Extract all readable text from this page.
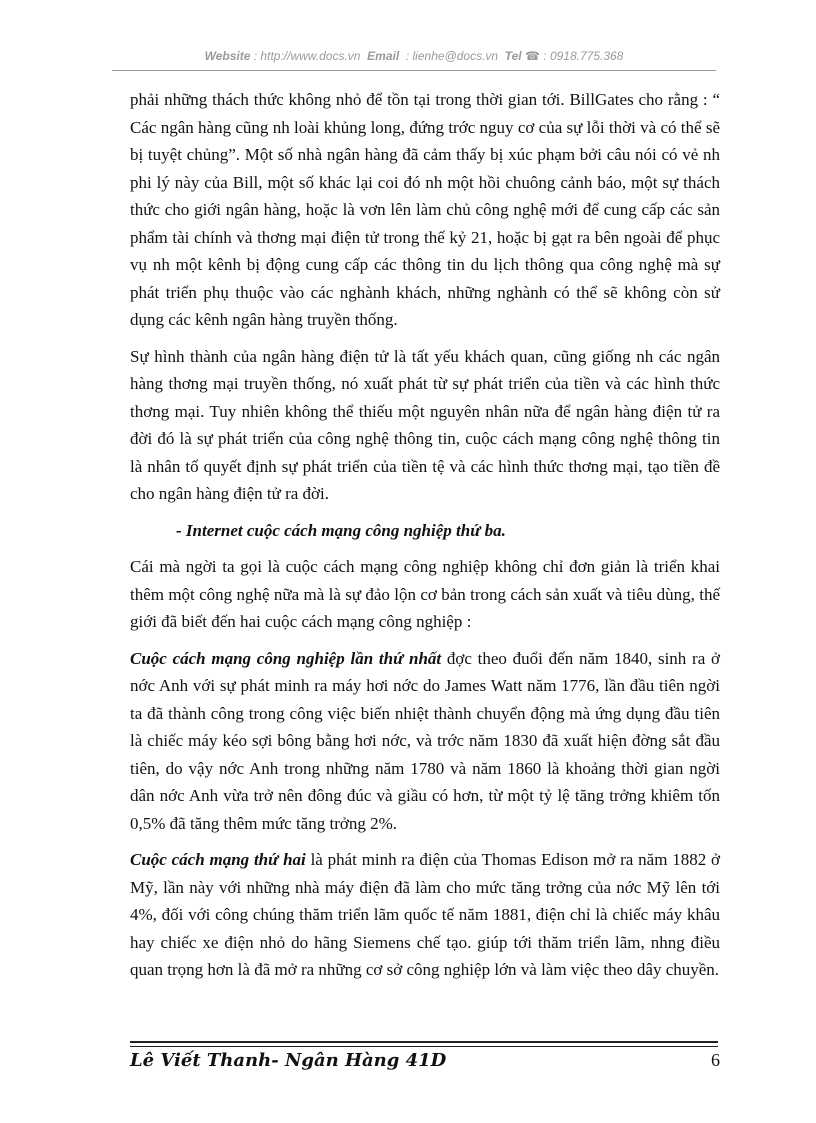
Website : http://www.docs.vn Email : lienhe@docs.vn Tel ☎ : 0918.775.368

phải những thách thức không nhỏ để tồn tại trong thời gian tới. BillGates cho rằng : “ Các ngân hàng cũng nh loài khủng long, đứng trớc nguy cơ của sự lỗi thời và có thể sẽ bị tuyệt chủng”. Một số nhà ngân hàng đã cảm thấy bị xúc phạm bởi câu nói có vẻ nh phi lý này của Bill, một số khác lại coi đó nh một hồi chuông cảnh báo, một sự thách thức cho giới ngân hàng, hoặc là vơn lên làm chủ công nghệ mới để cung cấp các sản phẩm tài chính và thơng mại điện tử trong thế kỷ 21, hoặc bị gạt ra bên ngoài để phục vụ nh một kênh bị động cung cấp các thông tin du lịch thông qua công nghệ mà sự phát triển phụ thuộc vào các nghành khách, những nghành có thể sẽ không còn sử dụng các kênh ngân hàng truyền thống.

Sự hình thành của ngân hàng điện tử là tất yếu khách quan, cũng giống nh các ngân hàng thơng mại truyền thống, nó xuất phát từ sự phát triển của tiền và các hình thức thơng mại. Tuy nhiên không thể thiếu một nguyên nhân nữa để ngân hàng điện tử ra đời đó là sự phát triển của công nghệ thông tin, cuộc cách mạng công nghệ thông tin là nhân tố quyết định sự phát triển của tiền tệ và các hình thức thơng mại, tạo tiền đề cho ngân hàng điện tử ra đời.

- Internet cuộc cách mạng công nghiệp thứ ba.

Cái mà ngời ta gọi là cuộc cách mạng công nghiệp không chỉ đơn giản là triển khai thêm một công nghệ nữa mà là sự đảo lộn cơ bản trong cách sản xuất và tiêu dùng, thế giới đã biết đến hai cuộc cách mạng công nghiệp :

Cuộc cách mạng công nghiệp lần thứ nhất đợc theo đuổi đến năm 1840, sinh ra ở nớc Anh với sự phát minh ra máy hơi nớc do James Watt năm 1776, lần đầu tiên ngời ta đã thành công trong công việc biến nhiệt thành chuyển động mà ứng dụng đầu tiên là chiếc máy kéo sợi bông bằng hơi nớc, và trớc năm 1830 đã xuất hiện đờng sắt đầu tiên, do vậy nớc Anh trong những năm 1780 và năm 1860 là khoảng thời gian ngời dân nớc Anh vừa trở nên đông đúc và giầu có hơn, từ một tỷ lệ tăng trởng khiêm tốn 0,5% đã tăng thêm mức tăng trởng 2%.

Cuộc cách mạng thứ hai là phát minh ra điện của Thomas Edison mở ra năm 1882 ở Mỹ, lần này với những nhà máy điện đã làm cho mức tăng trởng của nớc Mỹ lên tới 4%, đối với công chúng thăm triển lãm quốc tế năm 1881, điện chỉ là chiếc máy khâu hay chiếc xe điện nhỏ do hãng Siemens chế tạo. giúp tới thăm triển lãm, nhng điều quan trọng hơn là đã mở ra những cơ sở công nghiệp lớn và làm việc theo dây chuyền.

Lê Viết Thanh- Ngân Hàng 41D	6
